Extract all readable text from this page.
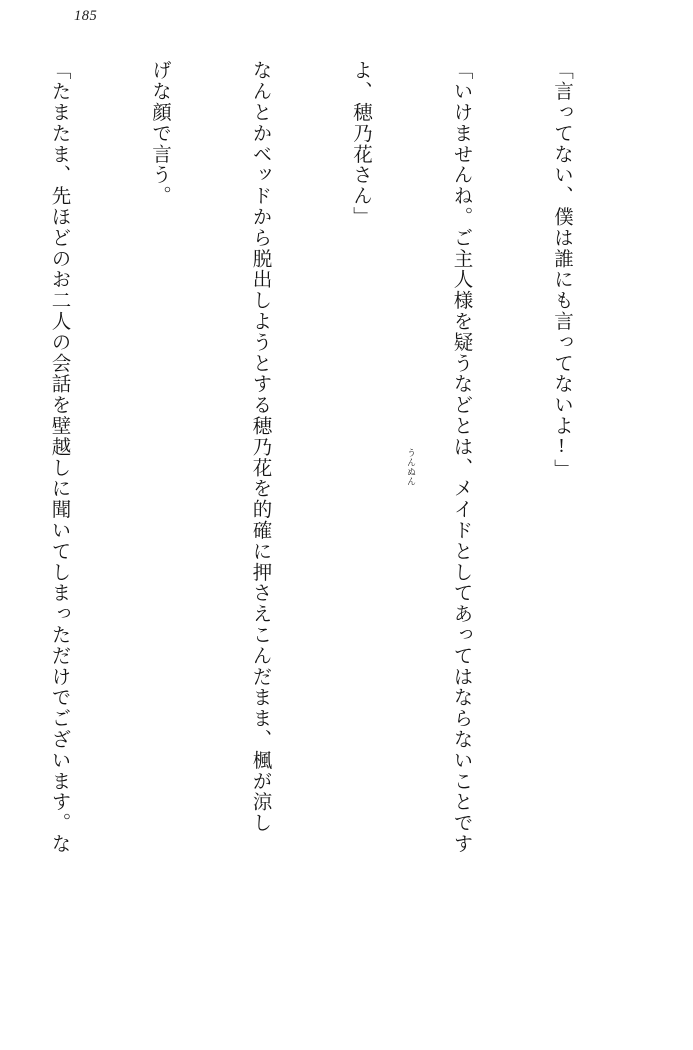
185

「言ってない、僕は誰にも言ってないよ!」

「いけませんね。ご主人様を疑うなどとは、メイドとしてあってはならないことです

よ、穂乃花さん」

なんとかベッドから脱出しようとする穂乃花を的確に押さえこんだまま、楓が涼し

げな顔で言う。

「たまたま、先ほどのお二人の会話を壁越しに聞いてしまっただけでございます。な

	うんぬん
